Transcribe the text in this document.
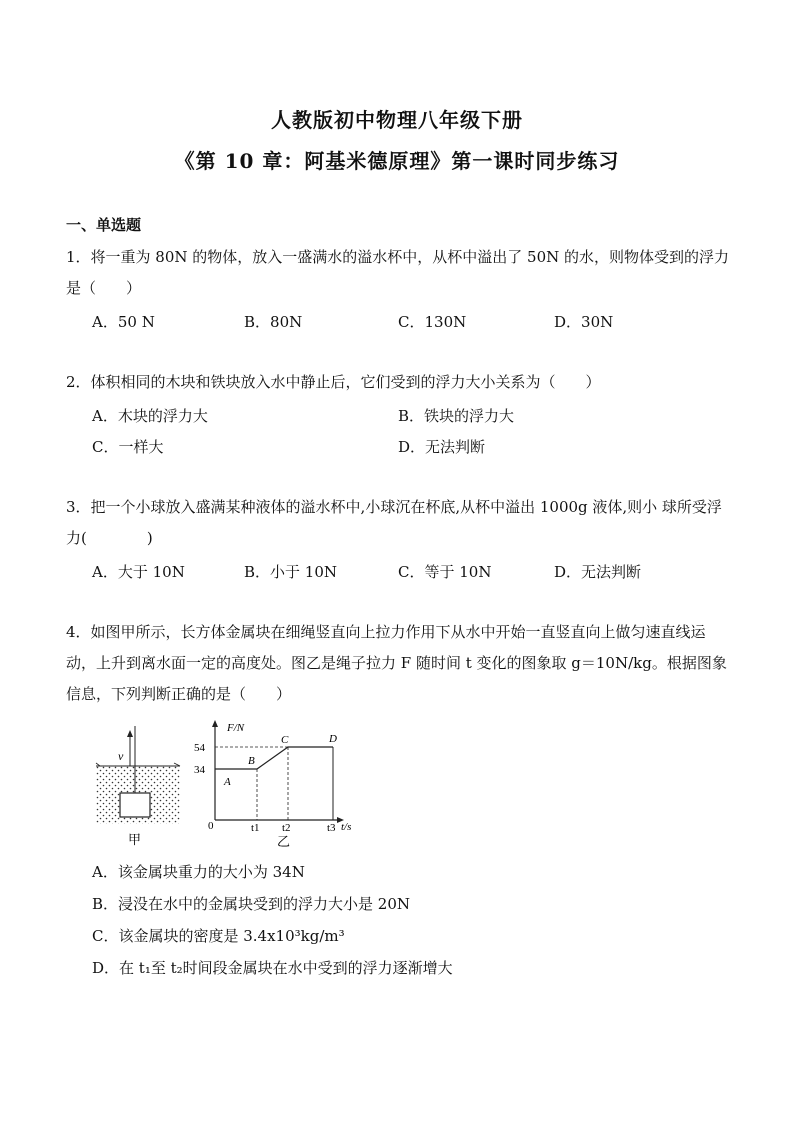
人教版初中物理八年级下册
《第 10 章：阿基米德原理》第一课时同步练习
一、单选题
1．将一重为 80N 的物体，放入一盛满水的溢水杯中，从杯中溢出了 50N 的水，则物体受到的浮力是（　　）
A．50 N	B．80N	C．130N	D．30N
2．体积相同的木块和铁块放入水中静止后，它们受到的浮力大小关系为（　　）
A．木块的浮力大	B．铁块的浮力大
C．一样大	D．无法判断
3．把一个小球放入盛满某种液体的溢水杯中,小球沉在杯底,从杯中溢出 1000g 液体,则小 球所受浮力(　　　　)
A．大于 10N	B．小于 10N	C．等于 10N	D．无法判断
4．如图甲所示，长方体金属块在细绳竖直向上拉力作用下从水中开始一直竖直向上做匀速直线运动，上升到离水面一定的高度处。图乙是绳子拉力 F 随时间 t 变化的图象取 g＝10N/kg。根据图象信息，下列判断正确的是（　　）
v
甲
F/N
t/s
0
54
34
A
B
C	D
t1 t2	t3
乙
A．该金属块重力的大小为 34N
B．浸没在水中的金属块受到的浮力大小是 20N
C．该金属块的密度是 3.4x10³kg/m³
D．在 t₁至 t₂时间段金属块在水中受到的浮力逐渐增大
